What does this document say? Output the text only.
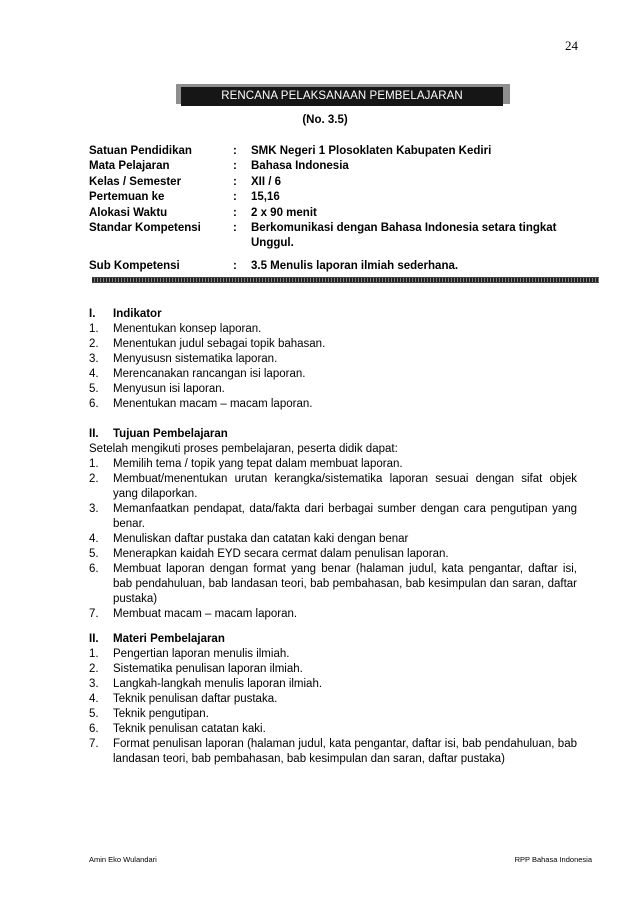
24
RENCANA PELAKSANAAN PEMBELAJARAN
(No. 3.5)
Satuan Pendidikan	:	SMK Negeri 1 Plosoklaten Kabupaten Kediri
Mata Pelajaran	:	Bahasa Indonesia
Kelas / Semester	:	XII / 6
Pertemuan ke	:	15,16
Alokasi Waktu	:	2 x 90 menit
Standar Kompetensi	:	Berkomunikasi dengan Bahasa Indonesia setara tingkat Unggul.
Sub Kompetensi	:	3.5 Menulis laporan ilmiah sederhana.
I.	Indikator
1.	Menentukan konsep laporan.
2.	Menentukan judul sebagai topik bahasan.
3.	Menyususn sistematika laporan.
4.	Merencanakan rancangan isi laporan.
5.	Menyusun isi laporan.
6.	Menentukan macam – macam laporan.
II.	Tujuan Pembelajaran
Setelah mengikuti proses pembelajaran, peserta didik dapat:
1.	Memilih tema / topik yang tepat dalam membuat laporan.
2.	Membuat/menentukan urutan kerangka/sistematika laporan sesuai dengan sifat objek yang dilaporkan.
3.	Memanfaatkan pendapat, data/fakta dari berbagai sumber dengan cara pengutipan yang benar.
4.	Menuliskan daftar pustaka dan catatan kaki dengan benar
5.	Menerapkan kaidah EYD secara cermat dalam penulisan laporan.
6.	Membuat laporan dengan format yang benar (halaman judul, kata pengantar, daftar isi, bab pendahuluan, bab landasan teori, bab pembahasan, bab kesimpulan dan saran, daftar pustaka)
7.	Membuat macam – macam laporan.
II.	Materi Pembelajaran
1.	Pengertian laporan menulis ilmiah.
2.	Sistematika penulisan laporan ilmiah.
3.	Langkah-langkah menulis laporan ilmiah.
4.	Teknik penulisan daftar pustaka.
5.	Teknik pengutipan.
6.	Teknik penulisan catatan kaki.
7.	Format penulisan laporan (halaman judul, kata pengantar, daftar isi, bab pendahuluan, bab landasan teori, bab pembahasan, bab kesimpulan dan saran, daftar pustaka)
Amin Eko Wulandari	RPP Bahasa Indonesia
